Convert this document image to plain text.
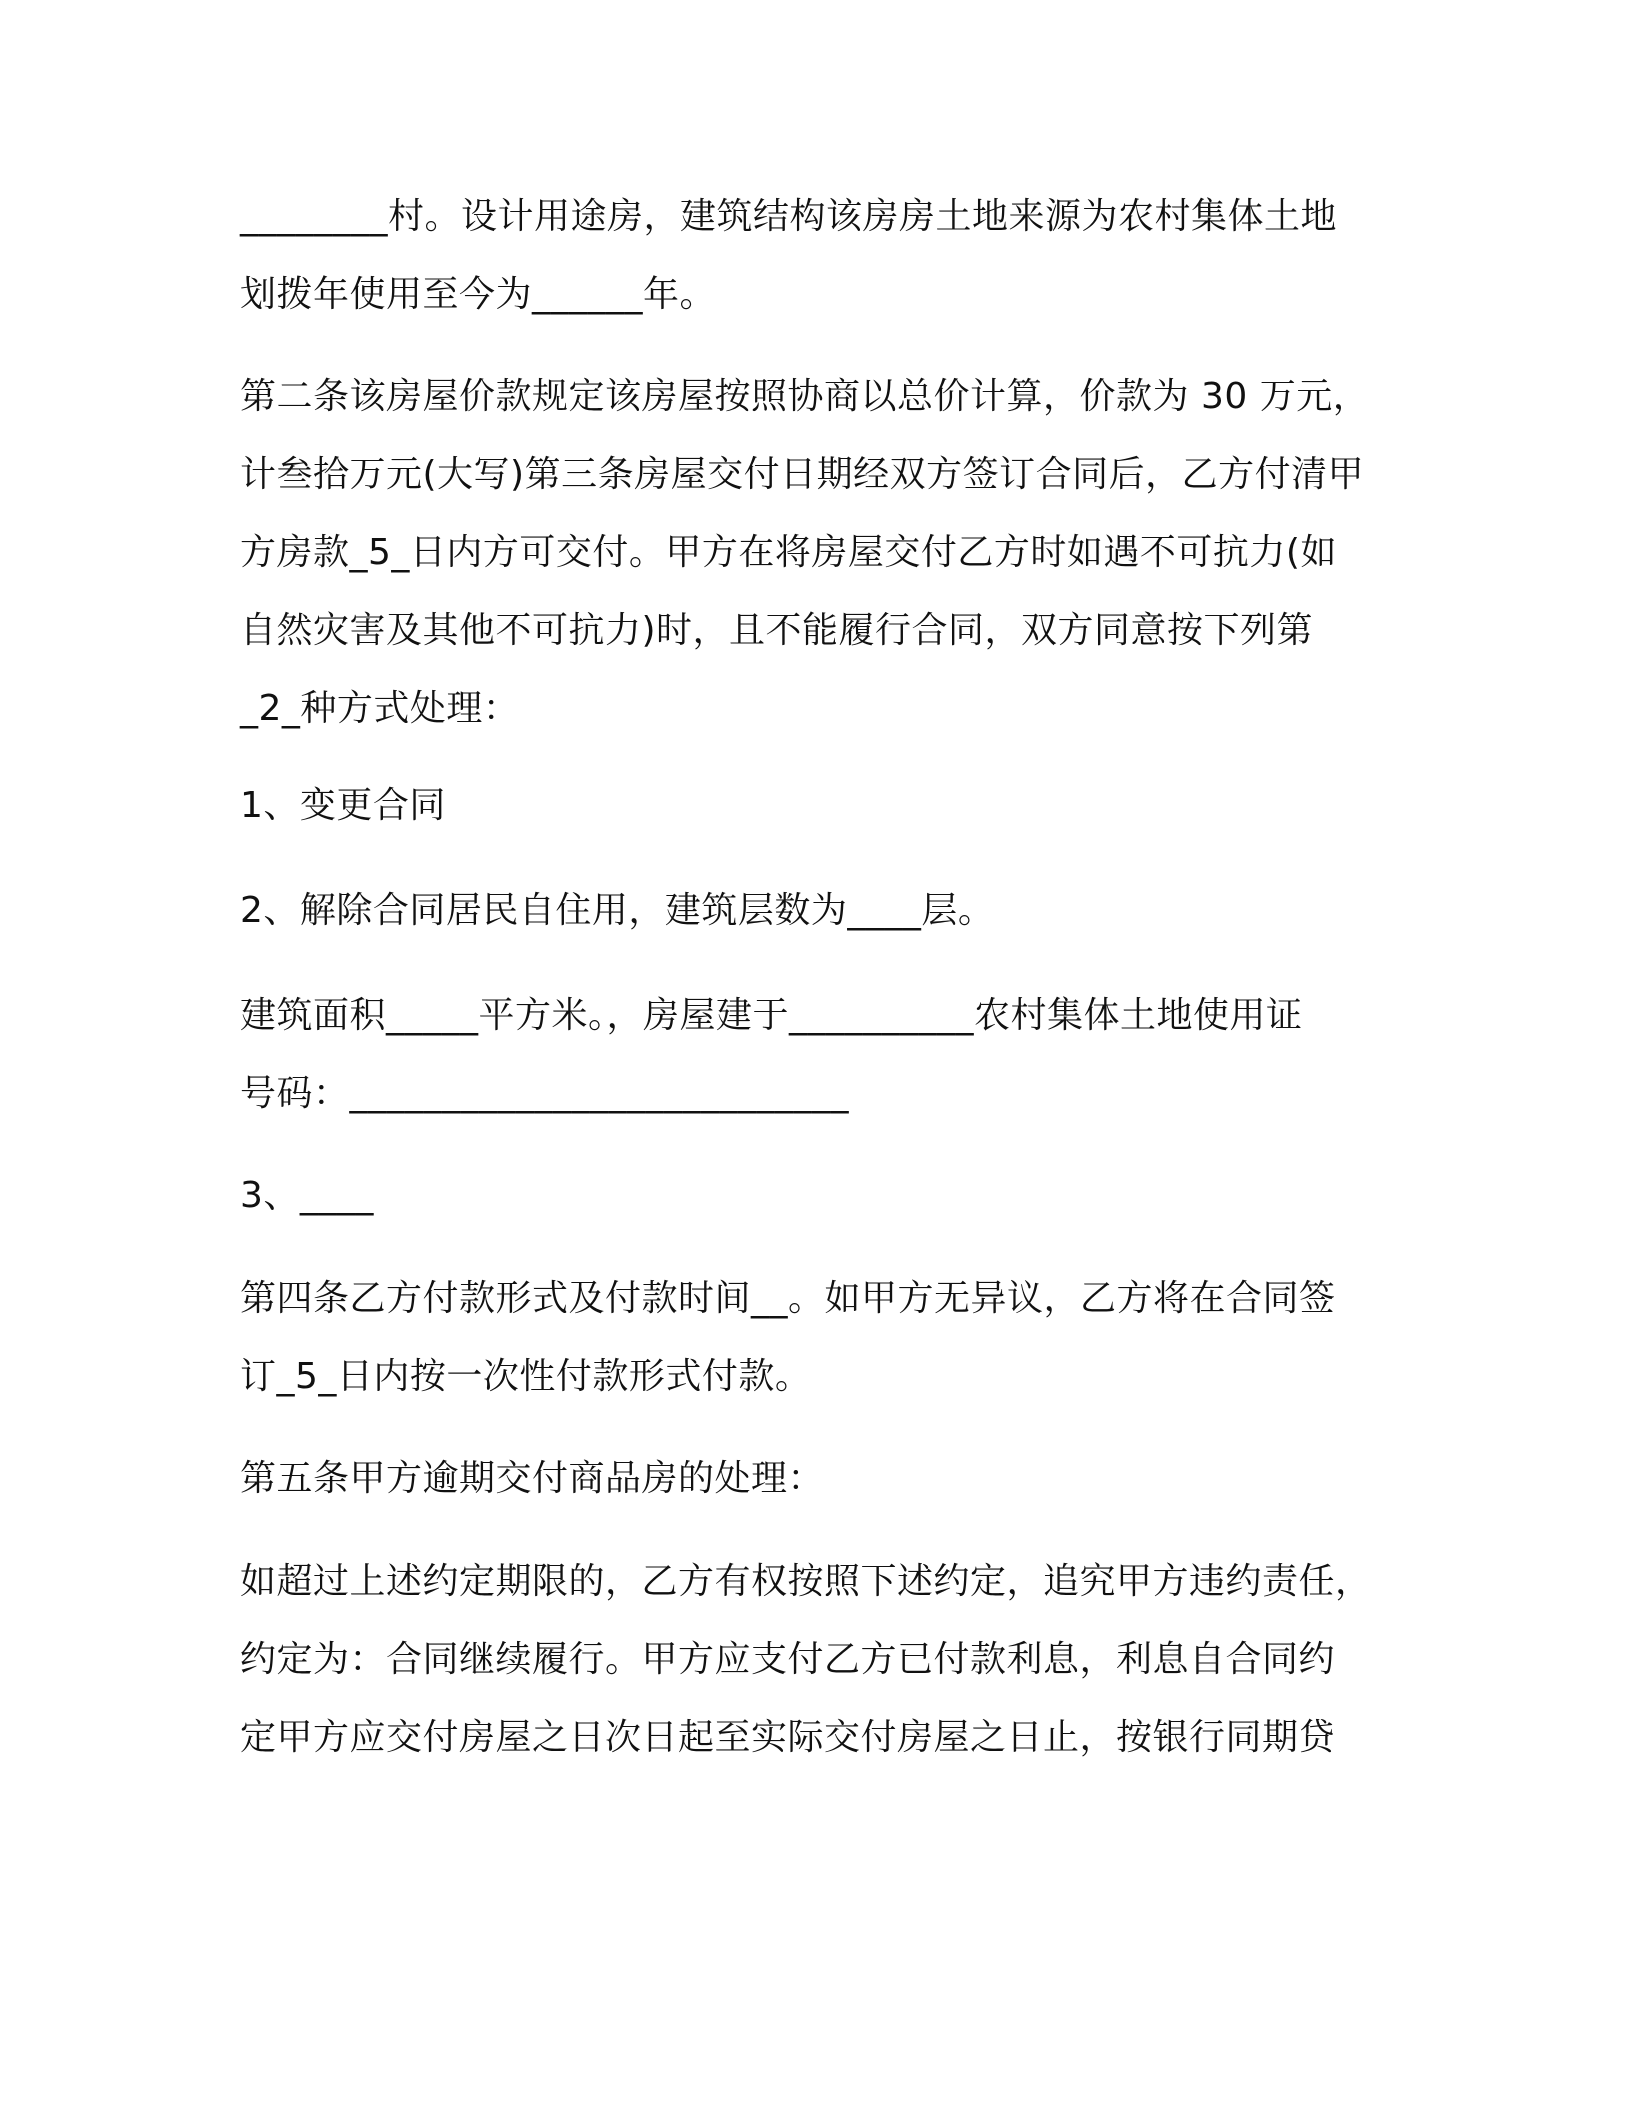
________村。设计用途房，建筑结构该房房土地来源为农村集体土地
划拨年使用至今为______年。
第二条该房屋价款规定该房屋按照协商以总价计算，价款为 30 万元，
计叁拾万元(大写)第三条房屋交付日期经双方签订合同后，乙方付清甲
方房款_5_日内方可交付。甲方在将房屋交付乙方时如遇不可抗力(如
自然灾害及其他不可抗力)时，且不能履行合同，双方同意按下列第
_2_种方式处理：
1、变更合同
2、解除合同居民自住用，建筑层数为____层。
建筑面积_____平方米。，房屋建于__________农村集体土地使用证
号码：___________________________
3、____
第四条乙方付款形式及付款时间__。如甲方无异议，乙方将在合同签
订_5_日内按一次性付款形式付款。
第五条甲方逾期交付商品房的处理：
如超过上述约定期限的，乙方有权按照下述约定，追究甲方违约责任，
约定为：合同继续履行。甲方应支付乙方已付款利息，利息自合同约
定甲方应交付房屋之日次日起至实际交付房屋之日止，按银行同期贷
